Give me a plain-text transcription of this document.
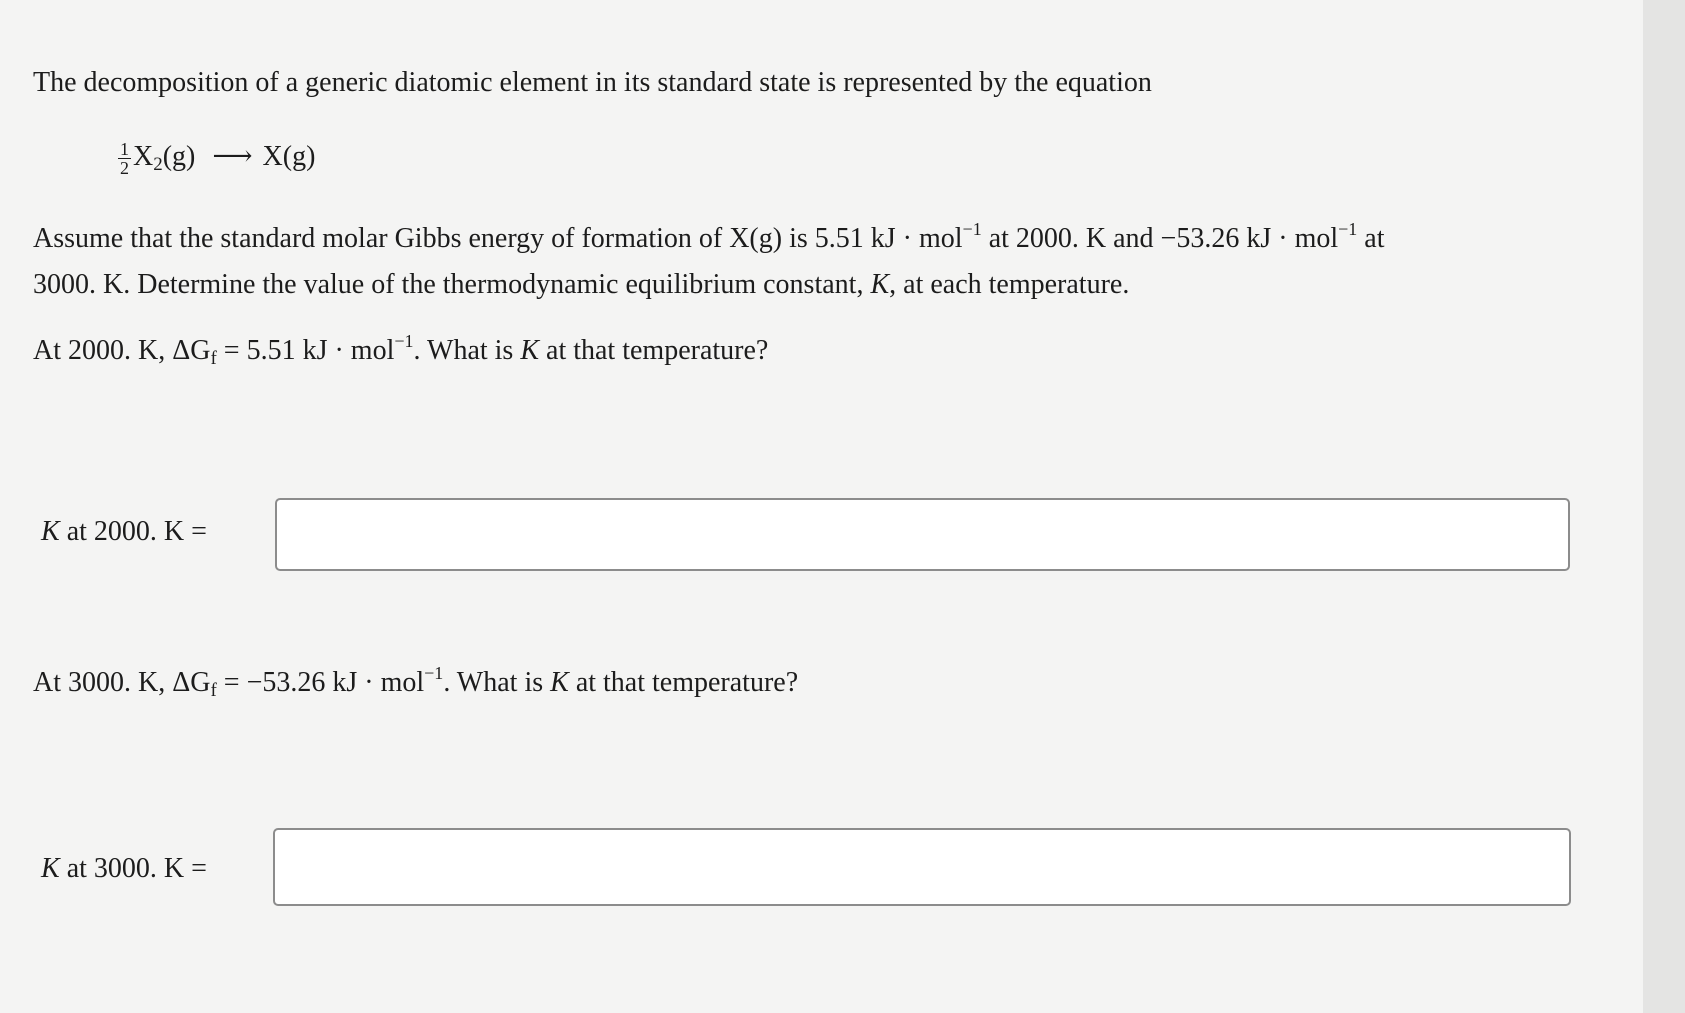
The decomposition of a generic diatomic element in its standard state is represented by the equation
$\frac{1}{2} X_2(g)$ ⟶ X(g)
Assume that the standard molar Gibbs energy of formation of X(g) is 5.51 kJ · mol$^{-1}$ at 2000. K and −53.26 kJ · mol$^{-1}$ at
3000. K. Determine the value of the thermodynamic equilibrium constant, K, at each temperature.
At 2000. K, $\Delta G_f = 5.51$ kJ · mol$^{-1}$. What is K at that temperature?
K at 2000. K =
At 3000. K, $\Delta G_f = -53.26$ kJ · mol$^{-1}$. What is K at that temperature?
K at 3000. K =
